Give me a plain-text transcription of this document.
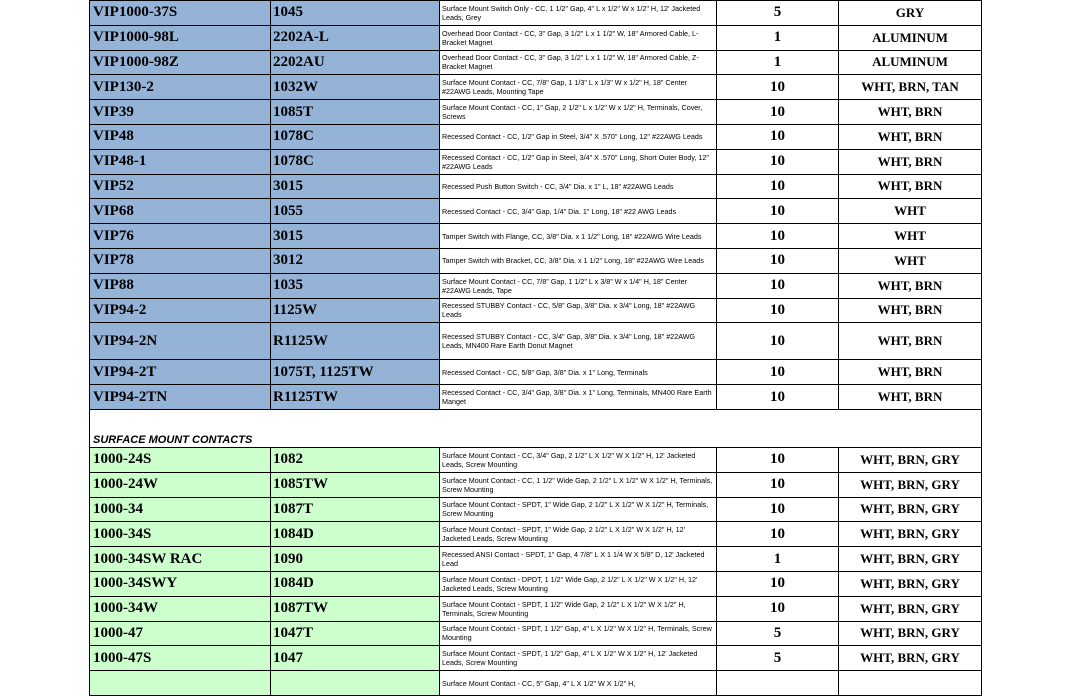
VIP1000-37S	1045	Surface Mount Switch Only - CC, 1 1/2" Gap, 4" L x 1/2" W x 1/2" H, 12' Jacketed Leads, Grey	5	GRY
VIP1000-98L	2202A-L	Overhead Door Contact - CC, 3" Gap, 3 1/2" L x 1 1/2" W, 18" Armored Cable, L-Bracket Magnet	1	ALUMINUM
VIP1000-98Z	2202AU	Overhead Door Contact - CC, 3" Gap, 3 1/2" L x 1 1/2" W, 18" Armored Cable, Z-Bracket Magnet	1	ALUMINUM
VIP130-2	1032W	Surface Mount Contact - CC, 7/8" Gap, 1 1/3" L x 1/3" W x 1/2" H, 18" Center #22AWG Leads, Mounting Tape	10	WHT, BRN, TAN
VIP39	1085T	Surface Mount Contact - CC, 1" Gap, 2 1/2" L x 1/2" W x 1/2" H, Terminals, Cover, Screws	10	WHT, BRN
VIP48	1078C	Recessed Contact - CC, 1/2" Gap in Steel, 3/4" X .570" Long, 12" #22AWG Leads	10	WHT, BRN
VIP48-1	1078C	Recessed Contact - CC, 1/2" Gap in Steel, 3/4" X .570" Long, Short Outer Body, 12" #22AWG Leads	10	WHT, BRN
VIP52	3015	Recessed Push Button Switch - CC, 3/4" Dia. x 1" L, 18" #22AWG Leads	10	WHT, BRN
VIP68	1055	Recessed Contact - CC, 3/4" Gap, 1/4" Dia. 1" Long, 18" #22 AWG Leads	10	WHT
VIP76	3015	Tamper Switch with Flange, CC, 3/8" Dia. x 1 1/2" Long, 18" #22AWG Wire Leads	10	WHT
VIP78	3012	Tamper Switch with Bracket, CC, 3/8" Dia. x 1 1/2" Long, 18" #22AWG Wire Leads	10	WHT
VIP88	1035	Surface Mount Contact - CC, 7/8" Gap, 1 1/2" L x 3/8" W x 1/4" H, 18" Center #22AWG Leads, Tape	10	WHT, BRN
VIP94-2	1125W	Recessed STUBBY Contact - CC, 5/8" Gap, 3/8" Dia. x 3/4" Long, 18" #22AWG Leads	10	WHT, BRN
VIP94-2N	R1125W	Recessed STUBBY Contact - CC, 3/4" Gap, 3/8" Dia. x 3/4" Long, 18" #22AWG Leads, MN400 Rare Earth Donut Magnet	10	WHT, BRN
VIP94-2T	1075T, 1125TW	Recessed Contact - CC, 5/8" Gap, 3/8" Dia. x 1" Long, Terminals	10	WHT, BRN
VIP94-2TN	R1125TW	Recessed Contact - CC, 3/4" Gap, 3/8" Dia. x 1" Long, Terminals, MN400 Rare Earth Manget	10	WHT, BRN
SURFACE MOUNT CONTACTS				
1000-24S	1082	Surface Mount Contact - CC, 3/4" Gap, 2 1/2" L X 1/2" W X 1/2" H, 12' Jacketed Leads, Screw Mounting	10	WHT, BRN, GRY
1000-24W	1085TW	Surface Mount Contact - CC, 1 1/2" Wide Gap, 2 1/2" L X 1/2" W X 1/2" H, Terminals, Screw Mounting	10	WHT, BRN, GRY
1000-34	1087T	Surface Mount Contact - SPDT, 1" Wide Gap, 2 1/2" L X 1/2" W X 1/2" H, Terminals, Screw Mounting	10	WHT, BRN, GRY
1000-34S	1084D	Surface Mount Contact - SPDT, 1" Wide Gap, 2 1/2" L X 1/2" W X 1/2" H, 12' Jacketed Leads, Screw Mounting	10	WHT, BRN, GRY
1000-34SW RAC	1090	Recessed ANSI Contact - SPDT, 1" Gap, 4 7/8" L X 1 1/4 W X 5/8" D, 12' Jacketed Lead	1	WHT, BRN, GRY
1000-34SWY	1084D	Surface Mount Contact - DPDT, 1 1/2" Wide Gap, 2 1/2" L X 1/2" W X 1/2" H, 12' Jacketed Leads, Screw Mounting	10	WHT, BRN, GRY
1000-34W	1087TW	Surface Mount Contact - SPDT, 1 1/2" Wide Gap, 2 1/2" L X 1/2" W X 1/2" H, Terminals, Screw Mounting	10	WHT, BRN, GRY
1000-47	1047T	Surface Mount Contact - SPDT, 1 1/2" Gap, 4" L X 1/2" W X 1/2" H, Terminals, Screw Mounting	5	WHT, BRN, GRY
1000-47S	1047	Surface Mount Contact - SPDT, 1 1/2" Gap, 4" L X 1/2" W X 1/2" H, 12' Jacketed Leads, Screw Mounting	5	WHT, BRN, GRY
		Surface Mount Contact - CC, 5" Gap, 4" L X 1/2" W X 1/2" H,		
